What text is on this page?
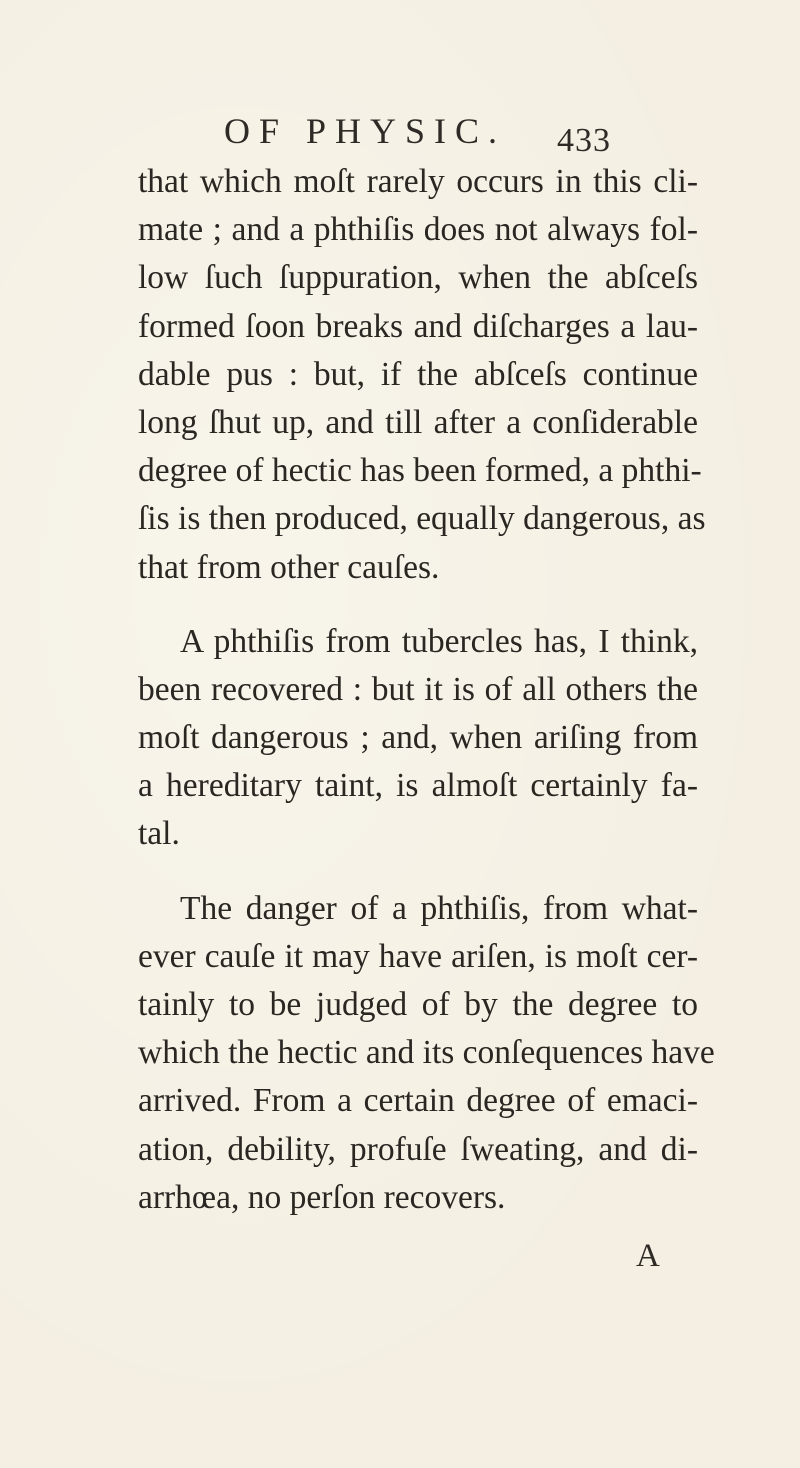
OF PHYSIC. 433
that which moſt rarely occurs in this cli-
mate ; and a phthiſis does not always fol-
low ſuch ſuppuration, when the abſceſs
formed ſoon breaks and diſcharges a lau-
dable pus : but, if the abſceſs continue
long ſhut up, and till after a conſiderable
degree of hectic has been formed, a phthi-
ſis is then produced, equally dangerous, as
that from other cauſes.
A phthiſis from tubercles has, I think,
been recovered : but it is of all others the
moſt dangerous ; and, when ariſing from
a hereditary taint, is almoſt certainly fa-
tal.
The danger of a phthiſis, from what-
ever cauſe it may have ariſen, is moſt cer-
tainly to be judged of by the degree to
which the hectic and its conſequences have
arrived. From a certain degree of emaci-
ation, debility, profuſe ſweating, and di-
arrhœa, no perſon recovers.
A
